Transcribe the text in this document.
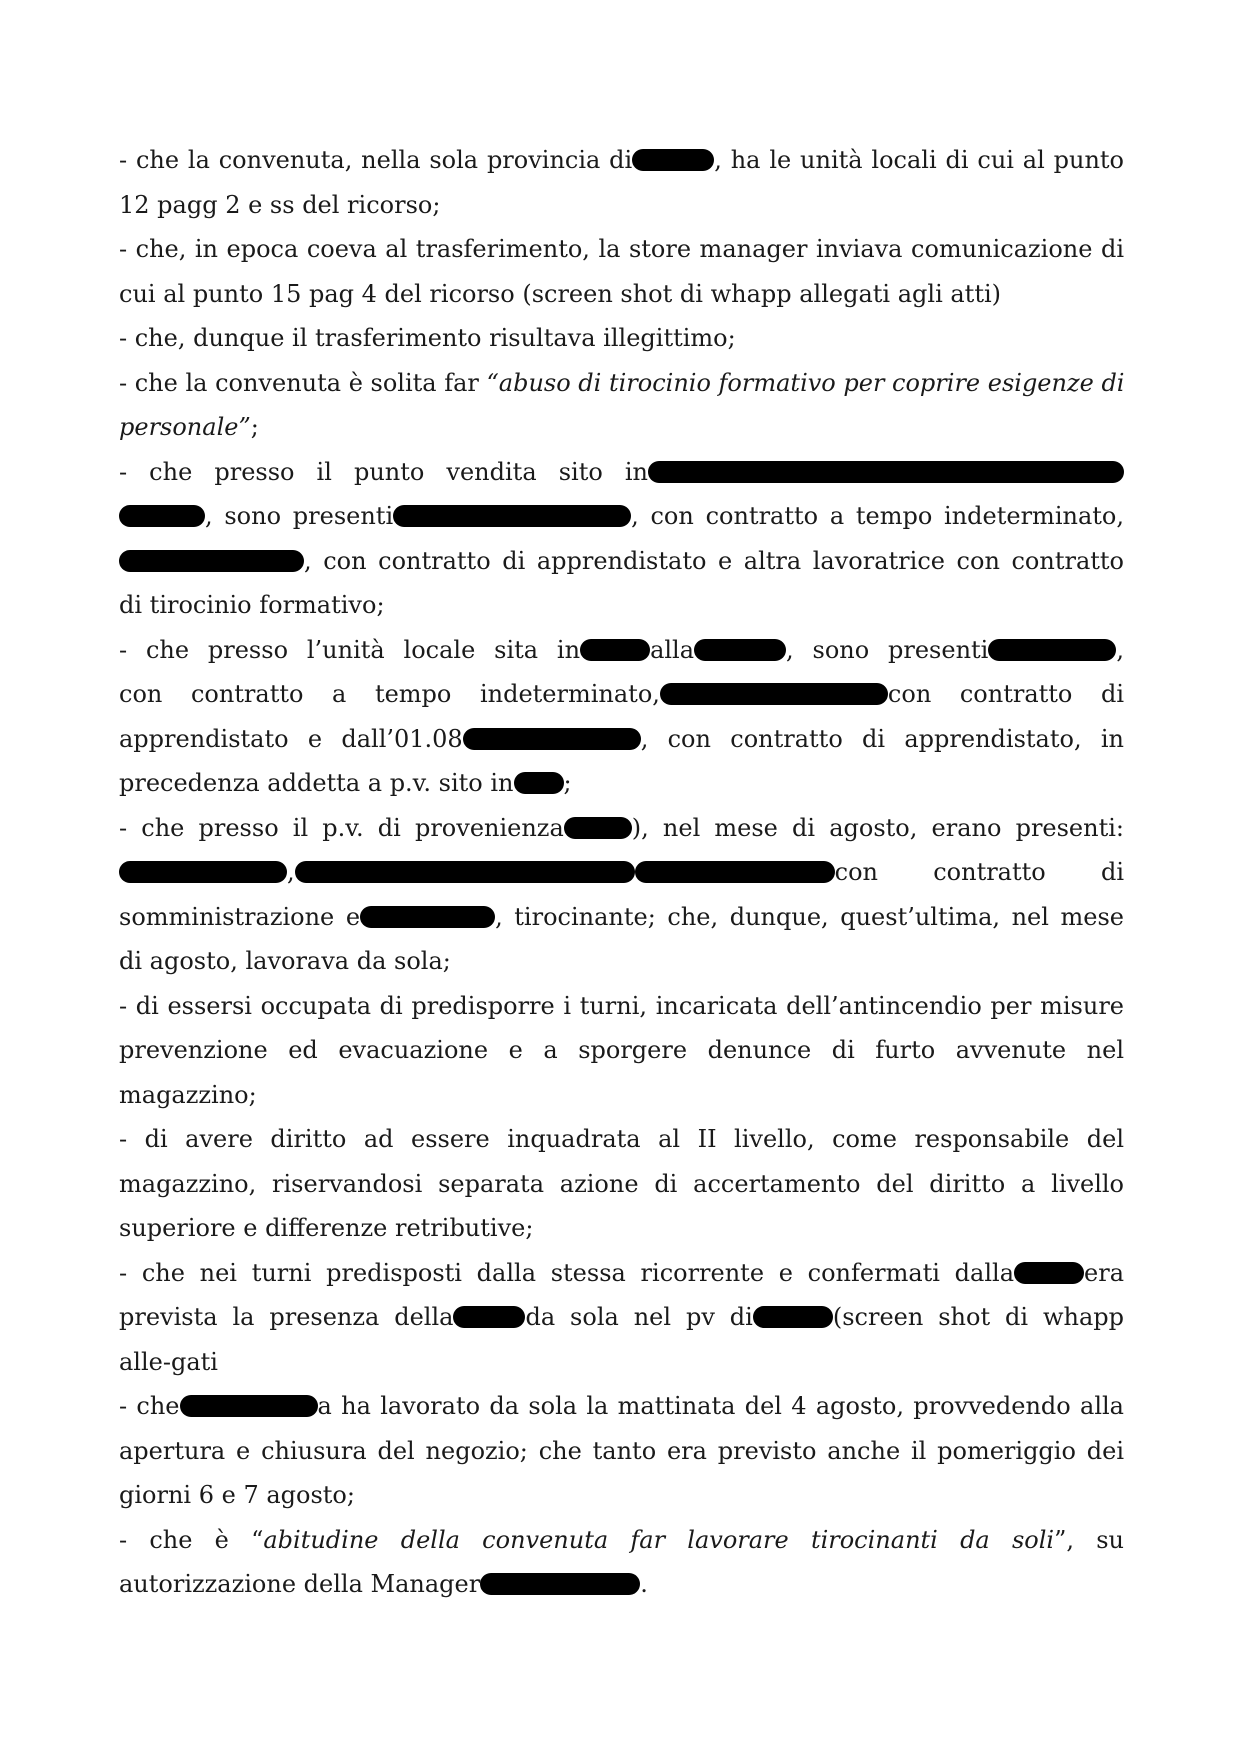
- che la convenuta, nella sola provincia di	, ha le unità locali di cui al punto
12 pagg 2 e ss del ricorso;
- che, in epoca coeva al trasferimento, la store manager inviava comunicazione di
cui al punto 15 pag 4 del ricorso (screen shot di whapp allegati agli atti)
- che, dunque il trasferimento risultava illegittimo;
- che la convenuta è solita far “abuso di tirocinio formativo per coprire esigenze di
personale”;
- che presso il punto vendita sito in
, sono presenti	, con contratto a tempo indeterminato,
, con contratto di apprendistato e altra lavoratrice con contratto
di tirocinio formativo;
- che presso l’unità locale sita in	alla	, sono presenti	,
con contratto a tempo indeterminato,	con contratto di
apprendistato e dall’01.08	, con contratto di apprendistato, in
precedenza addetta a p.v. sito in ;
- che presso il p.v. di provenienza	), nel mese di agosto, erano presenti:
,	con contratto di
somministrazione e	, tirocinante; che, dunque, quest’ultima, nel mese
di agosto, lavorava da sola;
- di essersi occupata di predisporre i turni, incaricata dell’antincendio per misure
prevenzione ed evacuazione e a sporgere denunce di furto avvenute nel
magazzino;
- di avere diritto ad essere inquadrata al II livello, come responsabile del
magazzino, riservandosi separata azione di accertamento del diritto a livello
superiore e differenze retributive;
- che nei turni predisposti dalla stessa ricorrente e confermati dalla	era
prevista la presenza della	da sola nel pv di	(screen shot di whapp
alle-gati
- che	a ha lavorato da sola la mattinata del 4 agosto, provvedendo alla
apertura e chiusura del negozio; che tanto era previsto anche il pomeriggio dei
giorni 6 e 7 agosto;
- che è “abitudine della convenuta far lavorare tirocinanti da soli”, su
autorizzazione della Manager	.
